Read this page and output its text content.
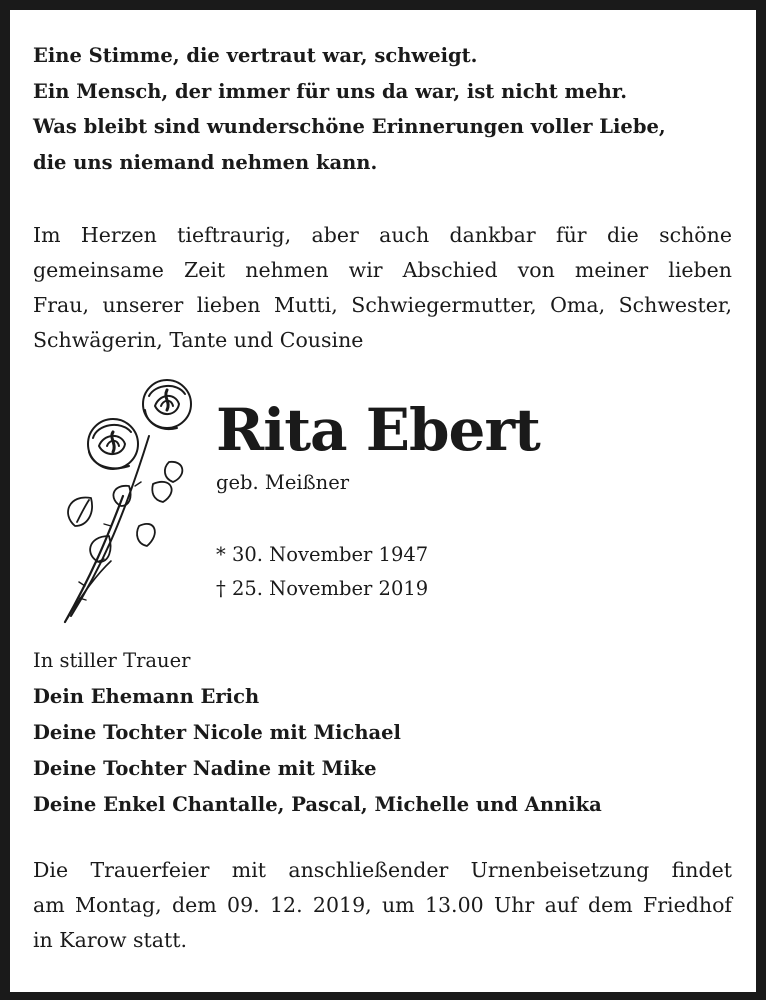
Eine Stimme, die vertraut war, schweigt.
Ein Mensch, der immer für uns da war, ist nicht mehr.
Was bleibt sind wunderschöne Erinnerungen voller Liebe,
die uns niemand nehmen kann.
Im Herzen tieftraurig, aber auch dankbar für die schöne
gemeinsame Zeit nehmen wir Abschied von meiner lieben
Frau, unserer lieben Mutti, Schwiegermutter, Oma, Schwester,
Schwägerin, Tante und Cousine
Rita Ebert
geb. Meißner
* 30. November 1947
† 25. November 2019
In stiller Trauer
Dein Ehemann Erich
Deine Tochter Nicole mit Michael
Deine Tochter Nadine mit Mike
Deine Enkel Chantalle, Pascal, Michelle und Annika
Die Trauerfeier mit anschließender Urnenbeisetzung findet
am Montag, dem 09. 12. 2019, um 13.00 Uhr auf dem Friedhof
in Karow statt.
